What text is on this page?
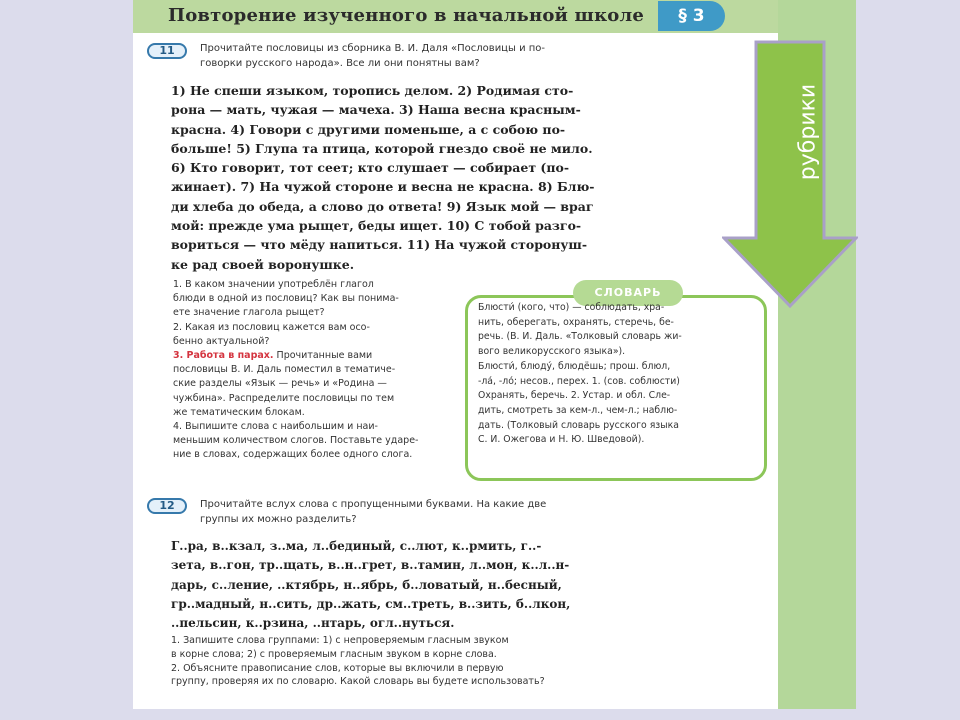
Повторение изученного в начальной школе	§ 3
11	Прочитайте пословицы из сборника В. И. Даля «Пословицы и по-

говорки русского народа». Все ли они понятны вам?

1) Не спеши языком, торопись делом. 2) Родимая сто-

рона — мать, чужая — мачеха. 3) Наша весна красным-

красна. 4) Говори с другими поменьше, а с собою по-

больше! 5) Глупа та птица, которой гнездо своё не мило.

6) Кто говорит, тот сеет; кто слушает — собирает (по-

жинает). 7) На чужой стороне и весна не красна. 8) Блю-

ди хлеба до обеда, а слово до ответа! 9) Язык мой — враг

мой: прежде ума рыщет, беды ищет. 10) С тобой разго-

вориться — что мёду напиться. 11) На чужой сторонуш-

ке рад своей воронушке.

1. В каком значении употреблён глагол

блюди в одной из пословиц? Как вы понима-

ете значение глагола рыщет?

2. Какая из пословиц кажется вам осо-

бенно актуальной?

3. Работа в парах. Прочитанные вами

пословицы В. И. Даль поместил в тематиче-

ские разделы «Язык — речь» и «Родина —

чужбина». Распределите пословицы по тем

же тематическим блокам.

4. Выпишите слова с наибольшим и наи-

меньшим количеством слогов. Поставьте ударе-

ние в словах, содержащих более одного слога.

СЛОВАРЬ

Блюсти́ (кого, что) — соблюдать, хра-

нить, оберегать, охранять, стеречь, бе-

речь. (В. И. Даль. «Толковый словарь жи-

вого великорусского языка»).

Блюсти́, блюду́, блюдёшь; прош. блюл,

-ла́, -ло́; несов., перех. 1. (сов. соблюсти)

Охранять, беречь. 2. Устар. и обл. Сле-

дить, смотреть за кем-л., чем-л.; наблю-

дать. (Толковый словарь русского языка

С. И. Ожегова и Н. Ю. Шведовой).

12	Прочитайте вслух слова с пропущенными буквами. На какие две

группы их можно разделить?

Г..ра, в..кзал, з..ма, л..бединый, с..лют, к..рмить, г..-

зета, в..гон, тр..щать, в..н..грет, в..тамин, л..мон, к..л..н-

дарь, с..ление, ..ктябрь, н..ябрь, б..ловатый, н..бесный,

гр..мадный, н..сить, др..жать, см..треть, в..зить, б..лкон,

..пельсин, к..рзина, ..нтарь, огл..нуться.

1. Запишите слова группами: 1) с непроверяемым гласным звуком

в корне слова; 2) с проверяемым гласным звуком в корне слова.

2. Объясните правописание слов, которые вы включили в первую

группу, проверяя их по словарю. Какой словарь вы будете использовать?

рубрики
